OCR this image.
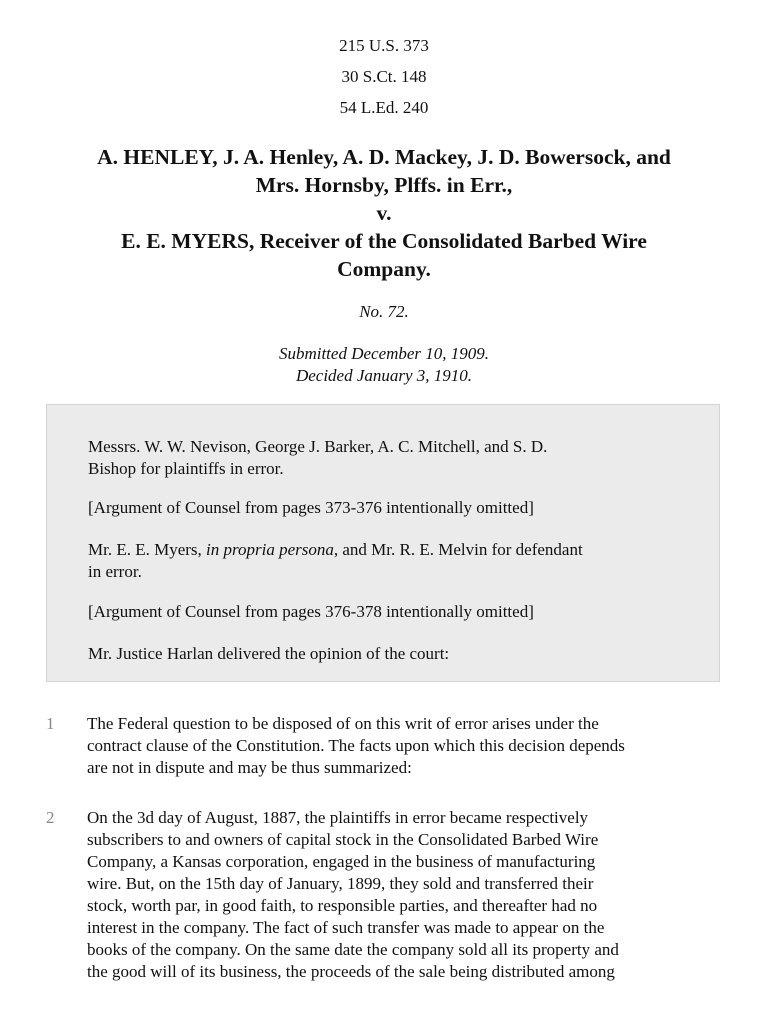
215 U.S. 373
30 S.Ct. 148
54 L.Ed. 240
A. HENLEY, J. A. Henley, A. D. Mackey, J. D. Bowersock, and
Mrs. Hornsby, Plffs. in Err.,
v.
E. E. MYERS, Receiver of the Consolidated Barbed Wire
Company.
No. 72.
Submitted December 10, 1909.
Decided January 3, 1910.

Messrs. W. W. Nevison, George J. Barker, A. C. Mitchell, and S. D.
Bishop for plaintiffs in error.

[Argument of Counsel from pages 373-376 intentionally omitted]

Mr. E. E. Myers, in propria persona, and Mr. R. E. Melvin for defendant
in error.

[Argument of Counsel from pages 376-378 intentionally omitted]

Mr. Justice Harlan delivered the opinion of the court:

1 The Federal question to be disposed of on this writ of error arises under the
contract clause of the Constitution. The facts upon which this decision depends
are not in dispute and may be thus summarized:

2 On the 3d day of August, 1887, the plaintiffs in error became respectively
subscribers to and owners of capital stock in the Consolidated Barbed Wire
Company, a Kansas corporation, engaged in the business of manufacturing
wire. But, on the 15th day of January, 1899, they sold and transferred their
stock, worth par, in good faith, to responsible parties, and thereafter had no
interest in the company. The fact of such transfer was made to appear on the
books of the company. On the same date the company sold all its property and
the good will of its business, the proceeds of the sale being distributed among
